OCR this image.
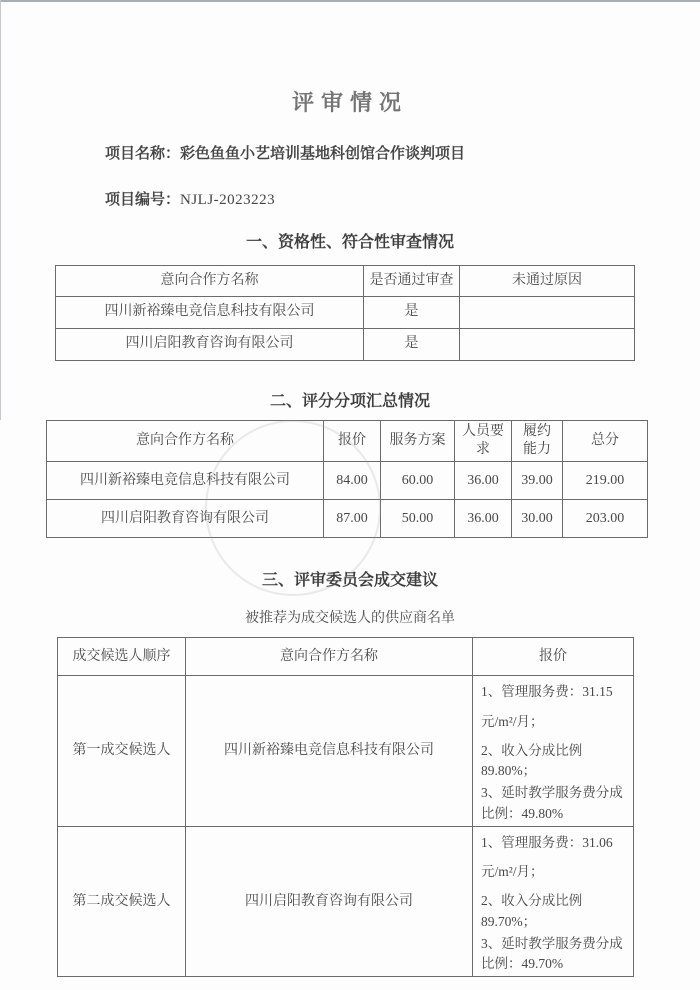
评审情况
项目名称：彩色鱼鱼小艺培训基地科创馆合作谈判项目
项目编号：NJLJ-2023223
一、资格性、符合性审查情况
意向合作方名称	是否通过审查	未通过原因
四川新裕臻电竞信息科技有限公司	是	
四川启阳教育咨询有限公司	是	
二、评分分项汇总情况
意向合作方名称	报价	服务方案	人员要求	履约能力	总分
四川新裕臻电竞信息科技有限公司	84.00	60.00	36.00	39.00	219.00
四川启阳教育咨询有限公司	87.00	50.00	36.00	30.00	203.00
三、评审委员会成交建议
被推荐为成交候选人的供应商名单
成交候选人顺序	意向合作方名称	报价
第一成交候选人	四川新裕臻电竞信息科技有限公司	1、管理服务费：31.15
元/m²/月；
2、收入分成比例89.80%；
3、延时教学服务费分成比例：49.80%

第二成交候选人	四川启阳教育咨询有限公司	1、管理服务费：31.06
元/m²/月；
2、收入分成比例89.70%；
3、延时教学服务费分成比例：49.70%
